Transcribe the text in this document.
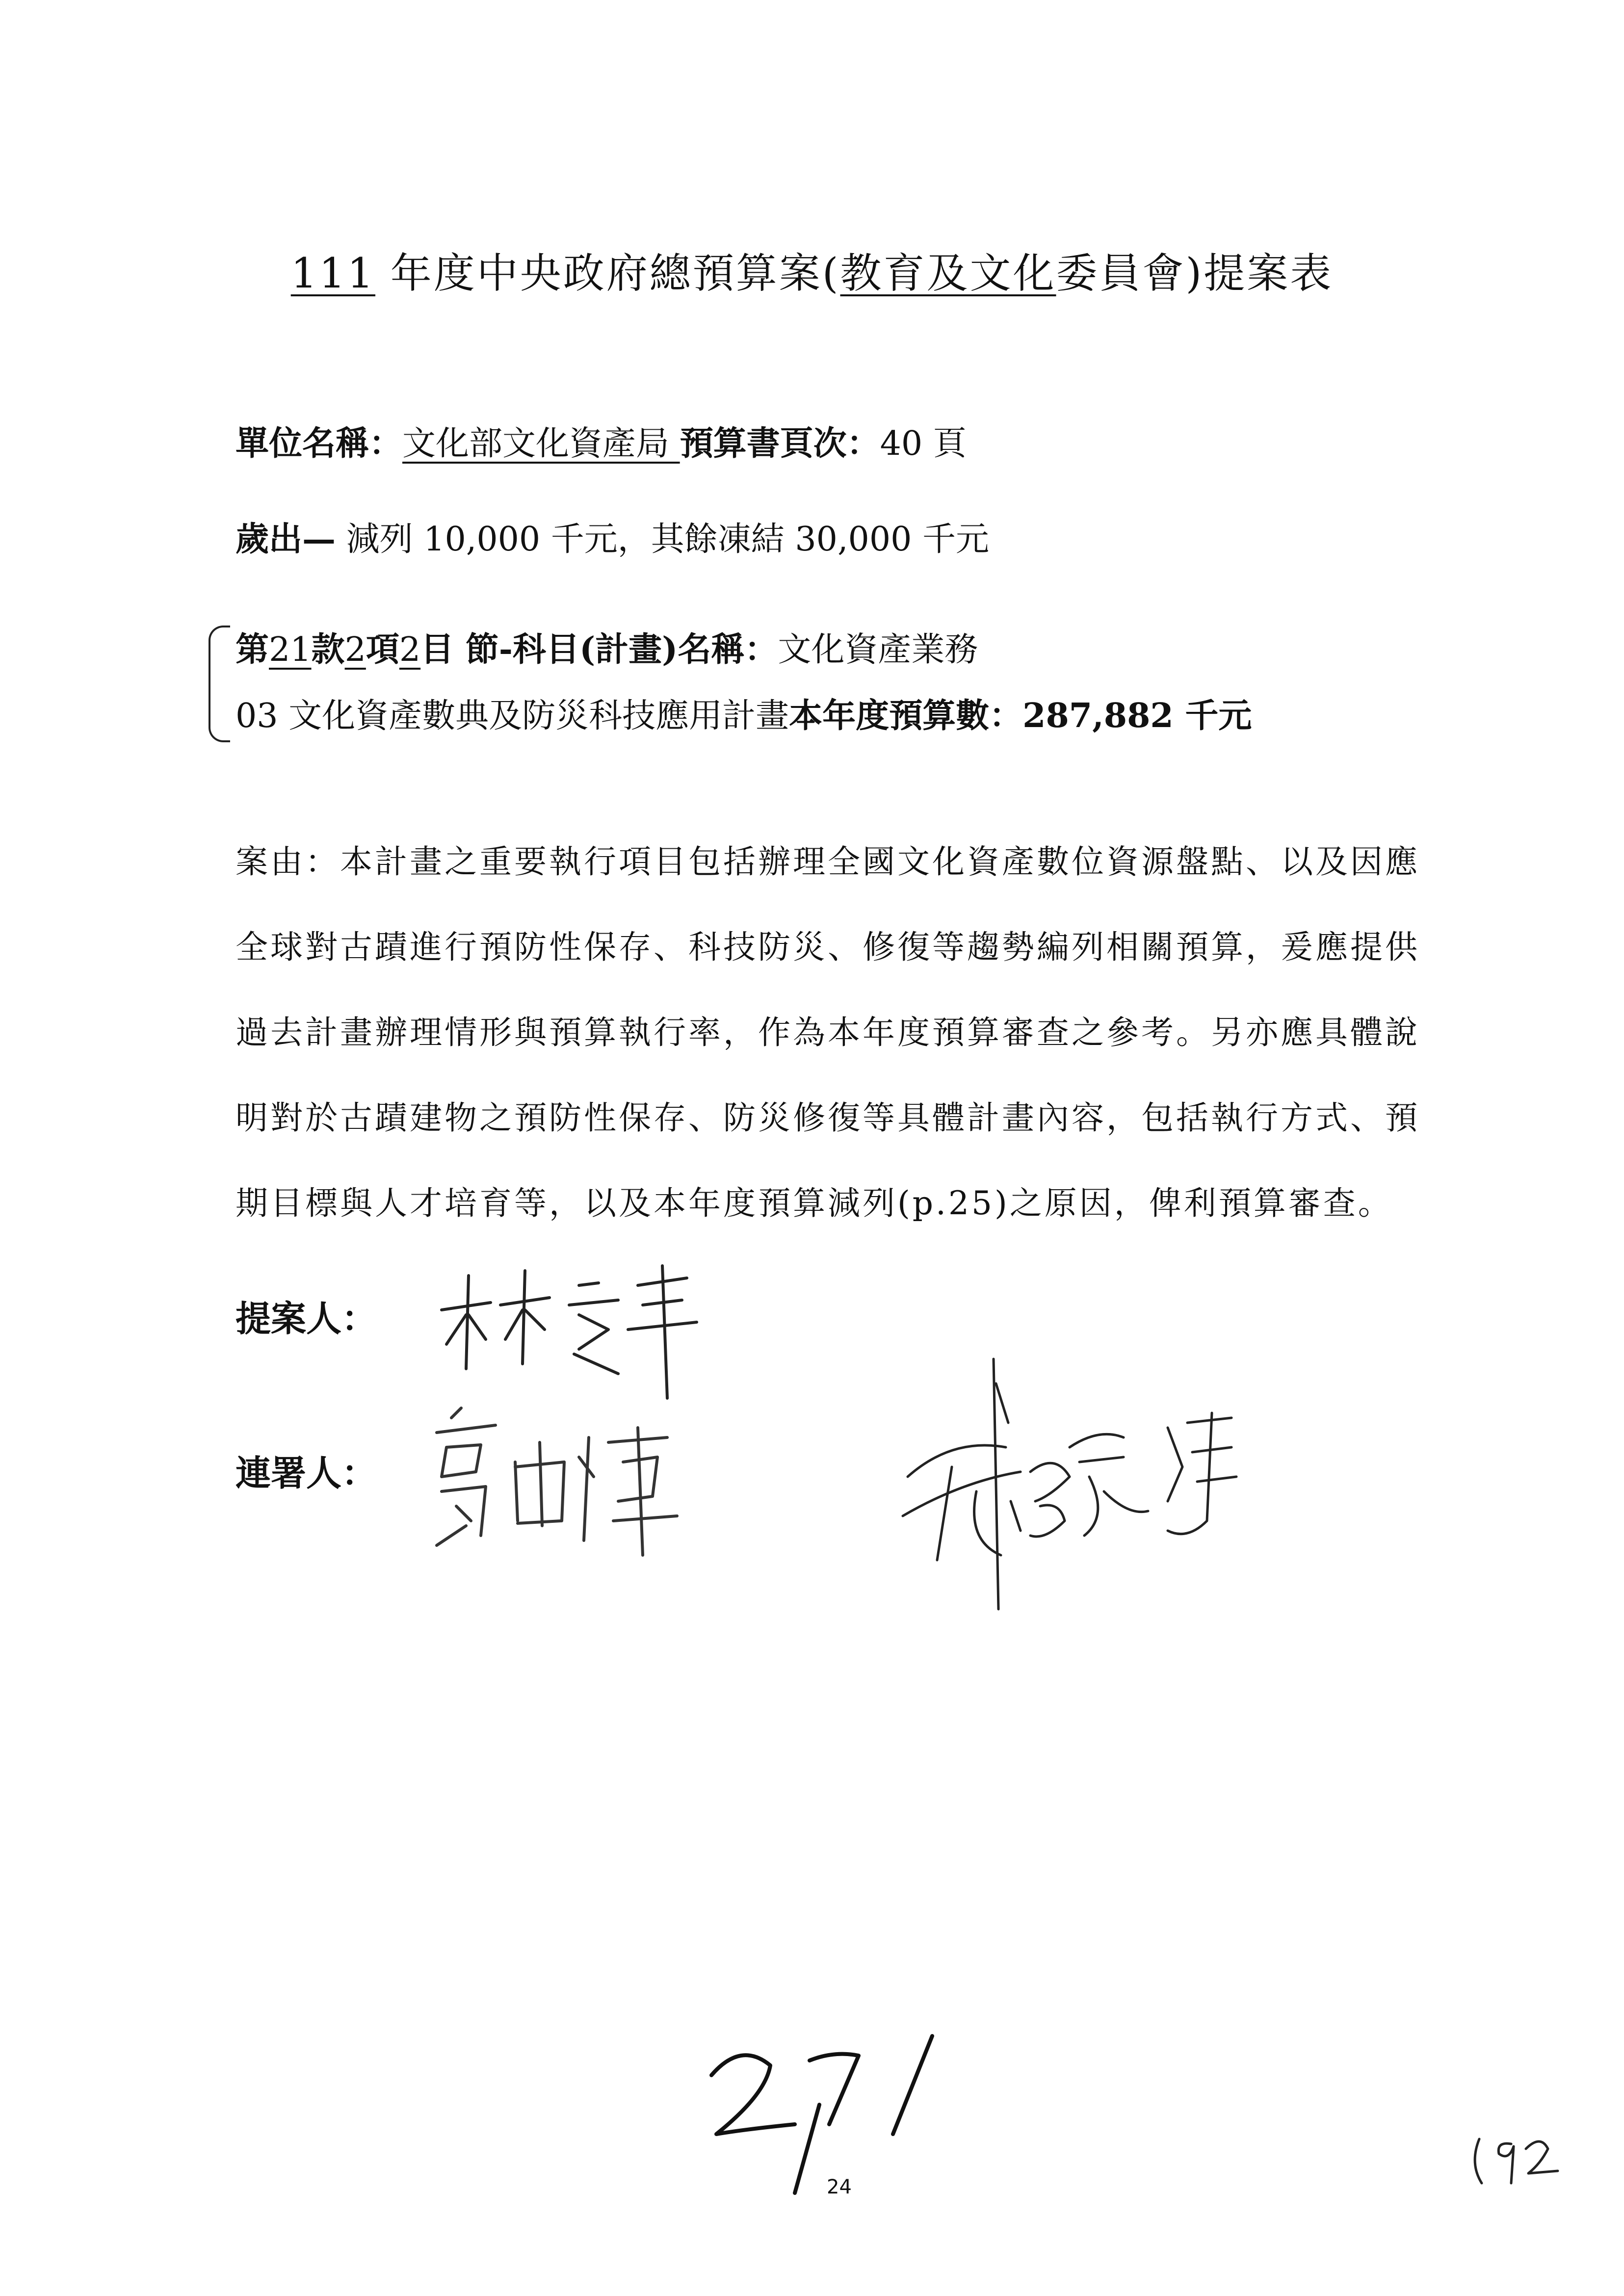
111 年度中央政府總預算案(教育及文化委員會)提案表
單位名稱：文化部文化資產局 預算書頁次：40 頁
歲出— 減列 10,000 千元，其餘凍結 30,000 千元
第21款2項2目 節-科目(計畫)名稱：文化資產業務
03 文化資產數典及防災科技應用計畫本年度預算數：287,882 千元
案由：本計畫之重要執行項目包括辦理全國文化資產數位資源盤點、以及因應全球對古蹟進行預防性保存、科技防災、修復等趨勢編列相關預算，爰應提供過去計畫辦理情形與預算執行率，作為本年度預算審查之參考。另亦應具體說明對於古蹟建物之預防性保存、防災修復等具體計畫內容，包括執行方式、預期目標與人才培育等，以及本年度預算減列(p.25)之原因，俾利預算審查。
提案人：
連署人：
24
